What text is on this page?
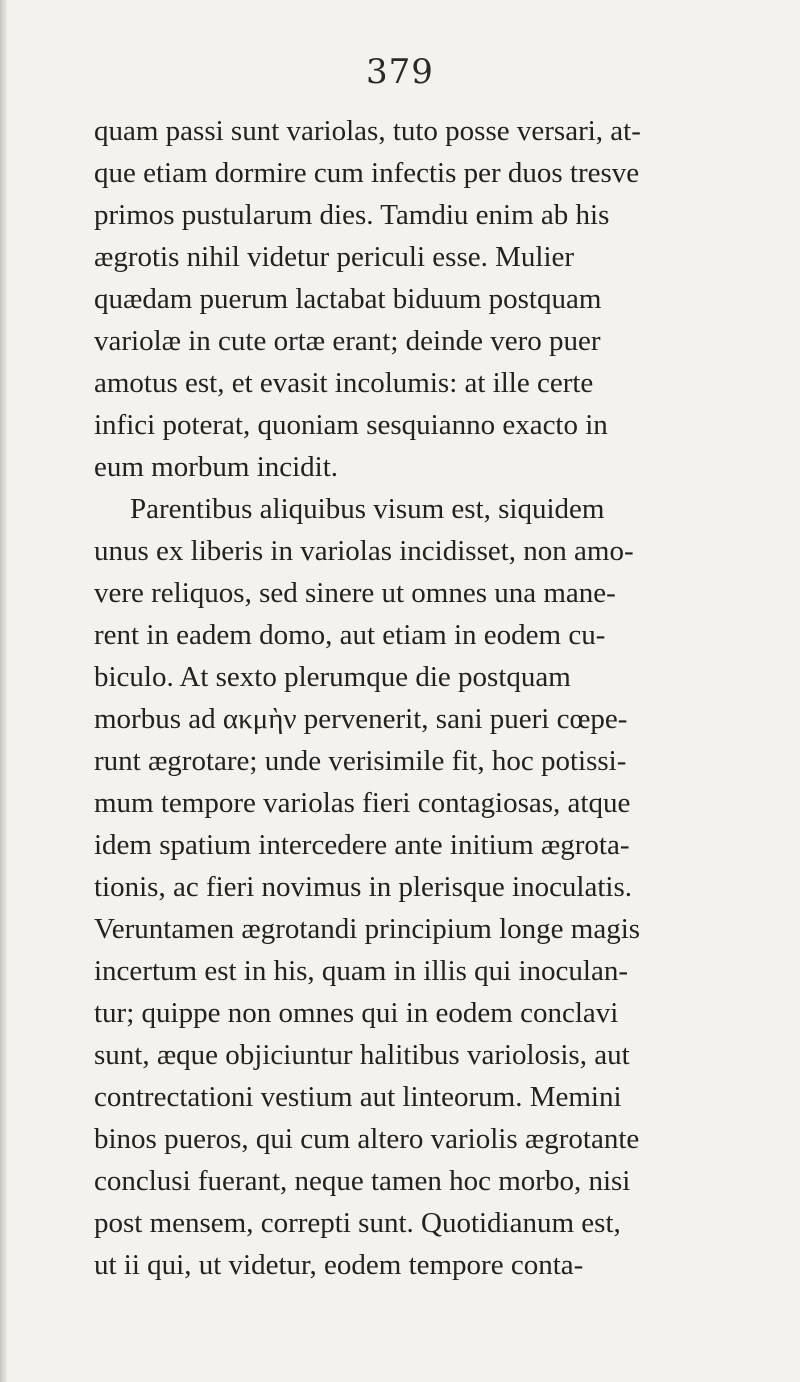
379
quam passi sunt variolas, tuto posse versari, at-
que etiam dormire cum infectis per duos tresve
primos pustularum dies. Tamdiu enim ab his
ægrotis nihil videtur periculi esse. Mulier
quædam puerum lactabat biduum postquam
variolæ in cute ortæ erant; deinde vero puer
amotus est, et evasit incolumis: at ille certe
infici poterat, quoniam sesquianno exacto in
eum morbum incidit.
Parentibus aliquibus visum est, siquidem
unus ex liberis in variolas incidisset, non amo-
vere reliquos, sed sinere ut omnes una mane-
rent in eadem domo, aut etiam in eodem cu-
biculo. At sexto plerumque die postquam
morbus ad ακμὴν pervenerit, sani pueri cœpe-
runt ægrotare; unde verisimile fit, hoc potissi-
mum tempore variolas fieri contagiosas, atque
idem spatium intercedere ante initium ægrota-
tionis, ac fieri novimus in plerisque inoculatis.
Veruntamen ægrotandi principium longe magis
incertum est in his, quam in illis qui inoculan-
tur; quippe non omnes qui in eodem conclavi
sunt, æque objiciuntur halitibus variolosis, aut
contrectationi vestium aut linteorum. Memini
binos pueros, qui cum altero variolis ægrotante
conclusi fuerant, neque tamen hoc morbo, nisi
post mensem, correpti sunt. Quotidianum est,
ut ii qui, ut videtur, eodem tempore conta-
